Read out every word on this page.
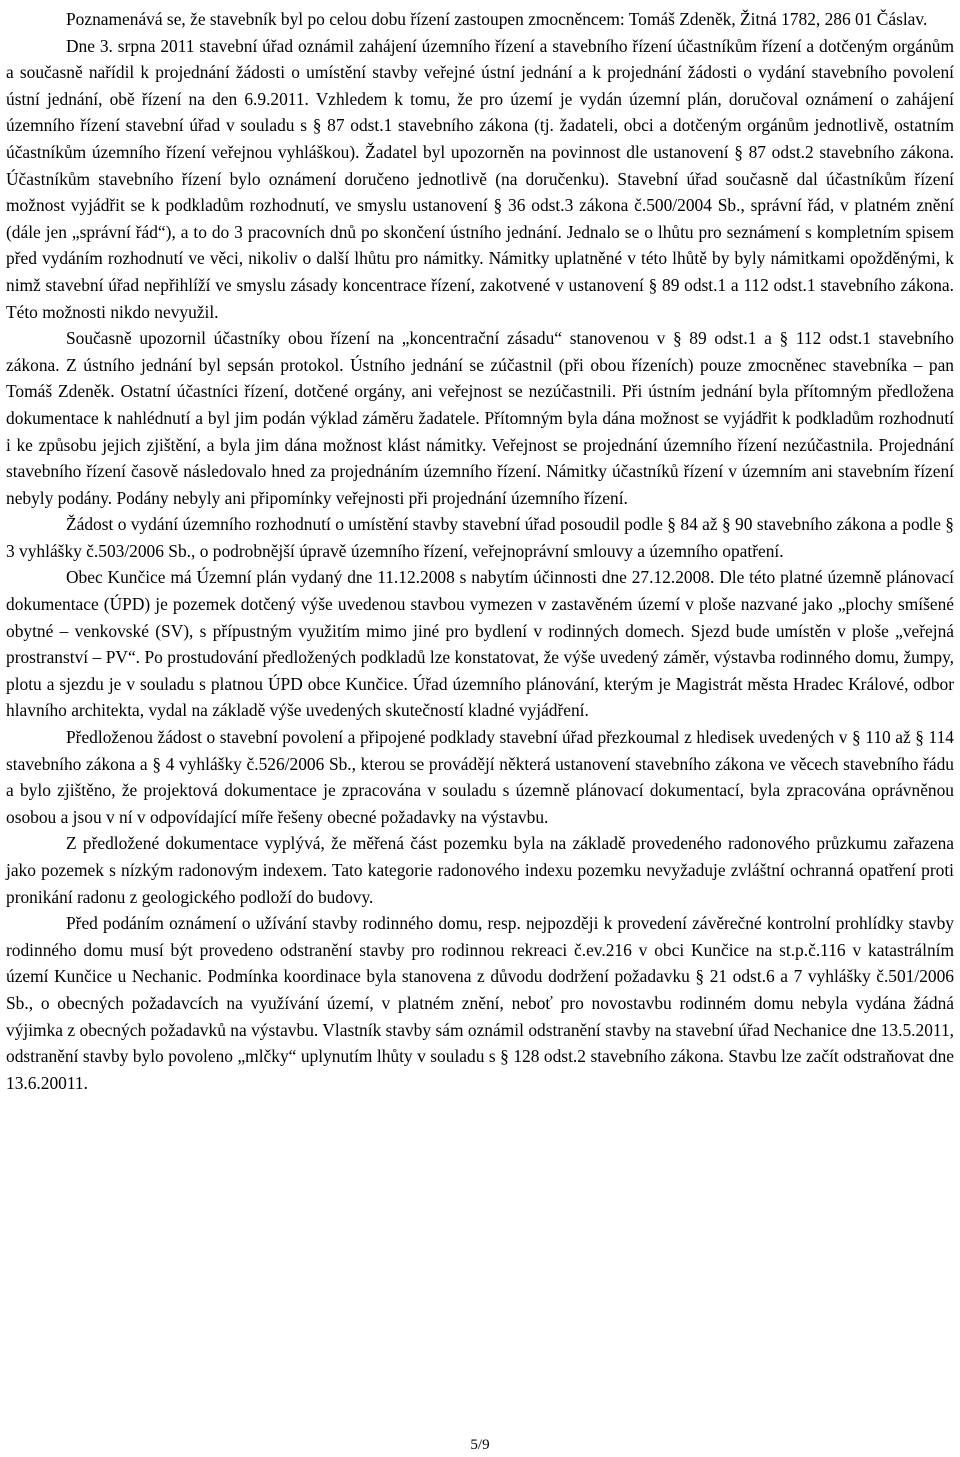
Poznamenává se, že stavebník byl po celou dobu řízení zastoupen zmocněncem: Tomáš Zdeněk, Žitná 1782, 286 01 Čáslav.

Dne 3. srpna 2011 stavební úřad oznámil zahájení územního řízení a stavebního řízení účastníkům řízení a dotčeným orgánům a současně nařídil k projednání žádosti o umístění stavby veřejné ústní jednání a k projednání žádosti o vydání stavebního povolení ústní jednání, obě řízení na den 6.9.2011. Vzhledem k tomu, že pro území je vydán územní plán, doručoval oznámení o zahájení územního řízení stavební úřad v souladu s § 87 odst.1 stavebního zákona (tj. žadateli, obci a dotčeným orgánům jednotlivě, ostatním účastníkům územního řízení veřejnou vyhláškou). Žadatel byl upozorněn na povinnost dle ustanovení § 87 odst.2 stavebního zákona. Účastníkům stavebního řízení bylo oznámení doručeno jednotlivě (na doručenku). Stavební úřad současně dal účastníkům řízení možnost vyjádřit se k podkladům rozhodnutí, ve smyslu ustanovení § 36 odst.3 zákona č.500/2004 Sb., správní řád, v platném znění (dále jen „správní řád“), a to do 3 pracovních dnů po skončení ústního jednání. Jednalo se o lhůtu pro seznámení s kompletním spisem před vydáním rozhodnutí ve věci, nikoliv o další lhůtu pro námitky. Námitky uplatněné v této lhůtě by byly námitkami opožděnými, k nimž stavební úřad nepřihlíží ve smyslu zásady koncentrace řízení, zakotvené v ustanovení § 89 odst.1 a 112 odst.1 stavebního zákona. Této možnosti nikdo nevyužil.

Současně upozornil účastníky obou řízení na „koncentrační zásadu“ stanovenou v § 89 odst.1 a § 112 odst.1 stavebního zákona. Z ústního jednání byl sepsán protokol. Ústního jednání se zúčastnil (při obou řízeních) pouze zmocněnec stavebníka – pan Tomáš Zdeněk. Ostatní účastníci řízení, dotčené orgány, ani veřejnost se nezúčastnili. Při ústním jednání byla přítomným předložena dokumentace k nahlédnutí a byl jim podán výklad záměru žadatele. Přítomným byla dána možnost se vyjádřit k podkladům rozhodnutí i ke způsobu jejich zjištění, a byla jim dána možnost klást námitky. Veřejnost se projednání územního řízení nezúčastnila. Projednání stavebního řízení časově následovalo hned za projednáním územního řízení. Námitky účastníků řízení v územním ani stavebním řízení nebyly podány. Podány nebyly ani připomínky veřejnosti při projednání územního řízení.

Žádost o vydání územního rozhodnutí o umístění stavby stavební úřad posoudil podle § 84 až § 90 stavebního zákona a podle § 3 vyhlášky č.503/2006 Sb., o podrobnější úpravě územního řízení, veřejnoprávní smlouvy a územního opatření.

Obec Kunčice má Územní plán vydaný dne 11.12.2008 s nabytím účinnosti dne 27.12.2008. Dle této platné územně plánovací dokumentace (ÚPD) je pozemek dotčený výše uvedenou stavbou vymezen v zastavěném území v ploše nazvané jako „plochy smíšené obytné – venkovské (SV), s přípustným využitím mimo jiné pro bydlení v rodinných domech. Sjezd bude umístěn v ploše „veřejná prostranství – PV“. Po prostudování předložených podkladů lze konstatovat, že výše uvedený záměr, výstavba rodinného domu, žumpy, plotu a sjezdu je v souladu s platnou ÚPD obce Kunčice. Úřad územního plánování, kterým je Magistrát města Hradec Králové, odbor hlavního architekta, vydal na základě výše uvedených skutečností kladné vyjádření.

Předloženou žádost o stavební povolení a připojené podklady stavební úřad přezkoumal z hledisek uvedených v § 110 až § 114 stavebního zákona a § 4 vyhlášky č.526/2006 Sb., kterou se provádějí některá ustanovení stavebního zákona ve věcech stavebního řádu a bylo zjištěno, že projektová dokumentace je zpracována v souladu s územně plánovací dokumentací, byla zpracována oprávněnou osobou a jsou v ní v odpovídající míře řešeny obecné požadavky na výstavbu.

Z předložené dokumentace vyplývá, že měřená část pozemku byla na základě provedeného radonového průzkumu zařazena jako pozemek s nízkým radonovým indexem. Tato kategorie radonového indexu pozemku nevyžaduje zvláštní ochranná opatření proti pronikání radonu z geologického podloží do budovy.

Před podáním oznámení o užívání stavby rodinného domu, resp. nejpozději k provedení závěrečné kontrolní prohlídky stavby rodinného domu musí být provedeno odstranění stavby pro rodinnou rekreaci č.ev.216 v obci Kunčice na st.p.č.116 v katastrálním území Kunčice u Nechanic. Podmínka koordinace byla stanovena z důvodu dodržení požadavku § 21 odst.6 a 7 vyhlášky č.501/2006 Sb., o obecných požadavcích na využívání území, v platném znění, neboť pro novostavbu rodinném domu nebyla vydána žádná výjimka z obecných požadavků na výstavbu. Vlastník stavby sám oznámil odstranění stavby na stavební úřad Nechanice dne 13.5.2011, odstranění stavby bylo povoleno „mlčky“ uplynutím lhůty v souladu s § 128 odst.2 stavebního zákona. Stavbu lze začít odstraňovat dne 13.6.20011.

5/9
